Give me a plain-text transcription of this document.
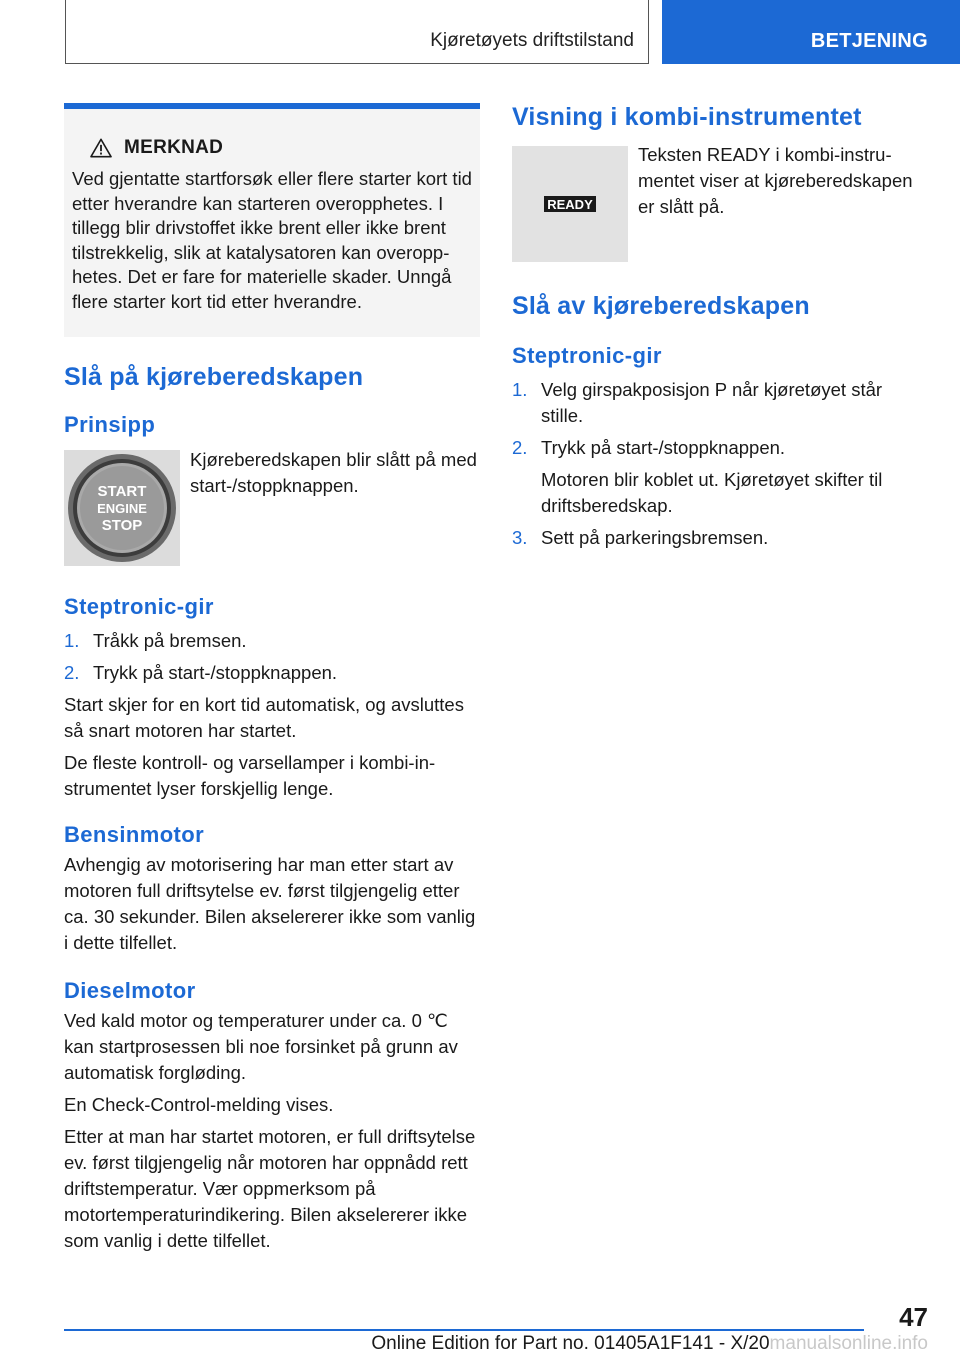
Kjøretøyets driftstilstand	BETJENING
MERKNAD

Ved gjentatte startforsøk eller flere starter kort tid etter hverandre kan starteren overopphetes. I tillegg blir drivstoffet ikke brent eller ikke brent tilstrekkelig, slik at katalysatoren kan overopphetes. Det er fare for materielle skader. Unngå flere starter kort tid etter hverandre.

Slå på kjøreberedskapen
Prinsipp
START
ENGINE
STOP

Kjøreberedskapen blir slått på med start-/stoppknappen.

Steptronic-gir
1. Tråkk på bremsen.
2. Trykk på start-/stoppknappen.

Start skjer for en kort tid automatisk, og avsluttes så snart motoren har startet.

De fleste kontroll- og varsellamper i kombi-instrumentet lyser forskjellig lenge.

Bensinmotor

Avhengig av motorisering har man etter start av motoren full driftsytelse ev. først tilgjengelig etter ca. 30 sekunder. Bilen akselererer ikke som vanlig i dette tilfellet.

Dieselmotor

Ved kald motor og temperaturer under ca. 0 ℃ kan startprosessen bli noe forsinket på grunn av automatisk forgløding.

En Check-Control-melding vises.

Etter at man har startet motoren, er full driftsytelse ev. først tilgjengelig når motoren har oppnådd rett driftstemperatur. Vær oppmerksom på motortemperaturindikering. Bilen akselererer ikke som vanlig i dette tilfellet.

Visning i kombi-instrumentet
READY

Teksten READY i kombi-instrumentet viser at kjøreberedskapen er slått på.

Slå av kjøreberedskapen
Steptronic-gir
1. Velg girspakposisjon P når kjøretøyet står stille.
2. Trykk på start-/stoppknappen.

Motoren blir koblet ut. Kjøretøyet skifter til driftsberedskap.

3. Sett på parkeringsbremsen.
47
Online Edition for Part no. 01405A1F141 - X/20manualsonline.info
